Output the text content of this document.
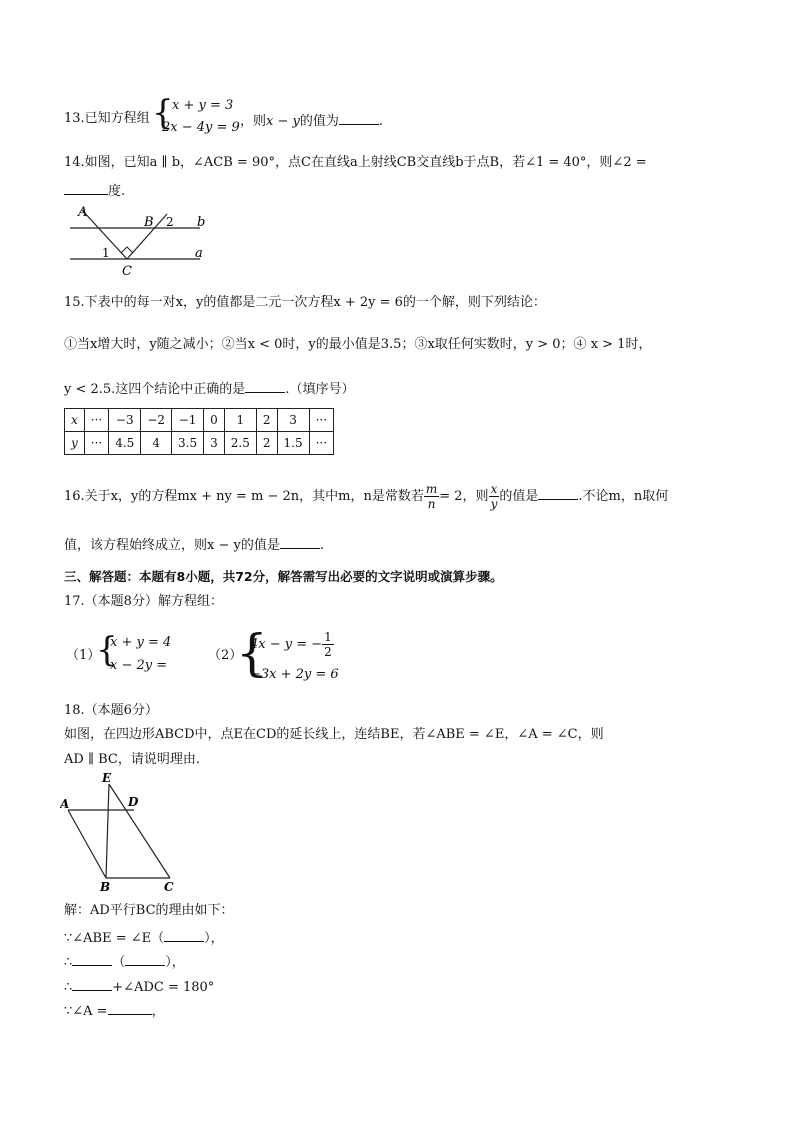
13.已知方程组 {
x + y = 3
2x − 4y = 9 ，则x − y的值为	.
14.如图，已知a ∥ b，∠ACB = 90°，点C在直线a上射线CB交直线b于点B，若∠1 = 40°，则∠2 =
度.
A
B 2 b
1	a
C
15.下表中的每一对x，y的值都是二元一次方程x + 2y = 6的一个解，则下列结论：
①当x增大时，y随之减小；②当x < 0时，y的最小值是3.5；③x取任何实数时，y > 0；④ x > 1时，
y < 2.5.这四个结论中正确的是	.（填序号）
x	···	−3	−2	−1	0	1	2	3	···
y	···	4.5	4	3.5	3	2.5	2	1.5	···
16.关于x，y的方程mx + ny = m − 2n，其中m，n是常数若 $\frac{m}{n} = 2$，则 $\frac{x}{y}$ 的值是	.不论m，n取何
值，该方程始终成立，则x − y的值是	.
三、解答题：本题有8小题，共72分，解答需写出必要的文字说明或演算步骤。
17.（本题8分）解方程组：
（1）
{
x + y = 4
x − 2y =
（2）
{
4x − y = − $\frac{1}{2}$
−3x + 2y = 6
18.（本题6分）
如图，在四边形ABCD中，点E在CD的延长线上，连结BE，若∠ABE = ∠E，∠A = ∠C，则
AD ∥ BC，请说明理由.
E
A	D
B	C
解：AD平行BC的理由如下：
∵∠ABE = ∠E（	），
∴	（	），
∴	+∠ADC = 180°
∵∠A =	，
